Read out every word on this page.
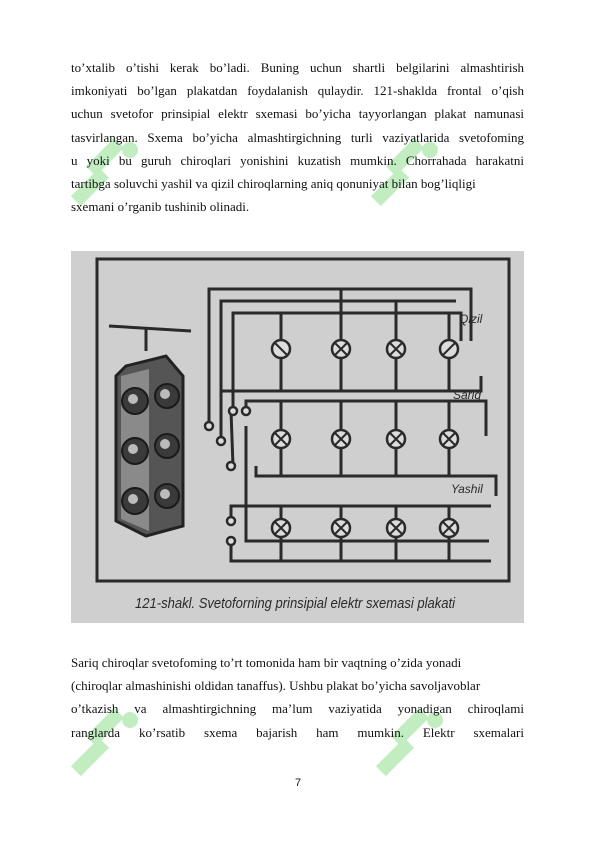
to’xtalib o’tishi kerak bo’ladi. Buning uchun shartli belgilarini almashtirish
imkoniyati bo’lgan plakatdan foydalanish qulaydir. 121-shaklda frontal o’qish
uchun svetofor prinsipial elektr sxemasi bo’yicha tayyorlangan plakat namunasi
tasvirlangan. Sxema bo’yicha almashtirgichning turli vaziyatlarida svetofoming
u yoki bu guruh chiroqlari yonishini kuzatish mumkin. Chorrahada harakatni
tartibga soluvchi yashil va qizil chiroqlarning aniq qonuniyat bilan bog’liqligi
sxemani o’rganib tushinib olinadi.
Qizil
Sariq
Yashil
121-shakl. Svetoforning prinsipial elektr sxemasi plakati
Sariq chiroqlar svetofoming to’rt tomonida ham bir vaqtning o’zida yonadi
(chiroqlar almashinishi oldidan tanaffus). Ushbu plakat bo’yicha savoljavoblar
o’tkazish va almashtirgichning ma’lum vaziyatida yonadigan chiroqlami
ranglarda ko’rsatib sxema bajarish ham mumkin. Elektr sxemalari
7
